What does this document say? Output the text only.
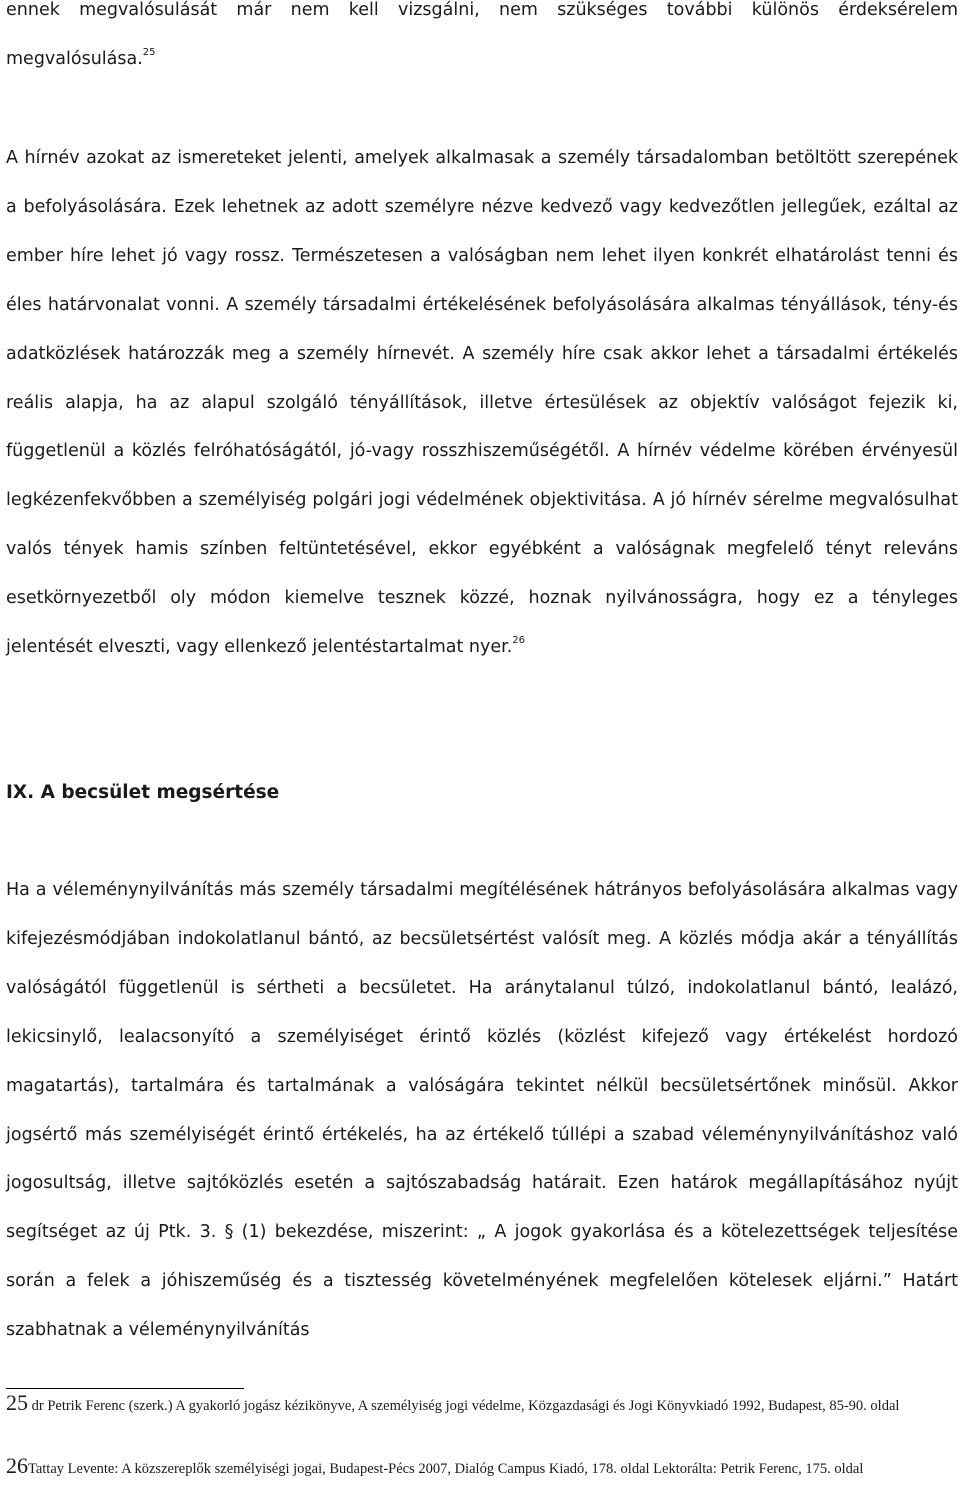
ennek megvalósulását már nem kell vizsgálni, nem szükséges további különös érdeksérelem megvalósulása.$^{25}$

A hírnév azokat az ismereteket jelenti, amelyek alkalmasak a személy társadalomban betöltött szerepének a befolyásolására. Ezek lehetnek az adott személyre nézve kedvező vagy kedvezőtlen jellegűek, ezáltal az ember híre lehet jó vagy rossz. Természetesen a valóságban nem lehet ilyen konkrét elhatárolást tenni és éles határvonalat vonni. A személy társadalmi értékelésének befolyásolására alkalmas tényállások, tény-és adatközlések határozzák meg a személy hírnevét. A személy híre csak akkor lehet a társadalmi értékelés reális alapja, ha az alapul szolgáló tényállítások, illetve értesülések az objektív valóságot fejezik ki, függetlenül a közlés felróhatóságától, jó-vagy rosszhiszeműségétől. A hírnév védelme körében érvényesül legkézenfekvőbben a személyiség polgári jogi védelmének objektivitása. A jó hírnév sérelme megvalósulhat valós tények hamis színben feltüntetésével, ekkor egyébként a valóságnak megfelelő tényt releváns esetkörnyezetből oly módon kiemelve tesznek közzé, hoznak nyilvánosságra, hogy ez a tényleges jelentését elveszti, vagy ellenkező jelentéstartalmat nyer.$^{26}$

IX. A becsület megsértése

Ha a véleménynyilvánítás más személy társadalmi megítélésének hátrányos befolyásolására alkalmas vagy kifejezésmódjában indokolatlanul bántó, az becsületsértést valósít meg. A közlés módja akár a tényállítás valóságától függetlenül is sértheti a becsületet. Ha aránytalanul túlzó, indokolatlanul bántó, lealázó, lekicsinylő, lealacsonyító a személyiséget érintő közlés (közlést kifejező vagy értékelést hordozó magatartás), tartalmára és tartalmának a valóságára tekintet nélkül becsületsértőnek minősül. Akkor jogsértő más személyiségét érintő értékelés, ha az értékelő túllépi a szabad véleménynyilvánításhoz való jogosultság, illetve sajtóközlés esetén a sajtószabadság határait. Ezen határok megállapításához nyújt segítséget az új Ptk. 3. § (1) bekezdése, miszerint: „ A jogok gyakorlása és a kötelezettségek teljesítése során a felek a jóhiszeműség és a tisztesség követelményének megfelelően kötelesek eljárni.” Határt szabhatnak a véleménynyilvánítás

25 dr Petrik Ferenc (szerk.) A gyakorló jogász kézikönyve, A személyiség jogi védelme, Közgazdasági és Jogi Könyvkiadó 1992, Budapest, 85-90. oldal

26Tattay Levente: A közszereplők személyiségi jogai, Budapest-Pécs 2007, Dialóg Campus Kiadó, 178. oldal Lektorálta: Petrik Ferenc, 175. oldal
